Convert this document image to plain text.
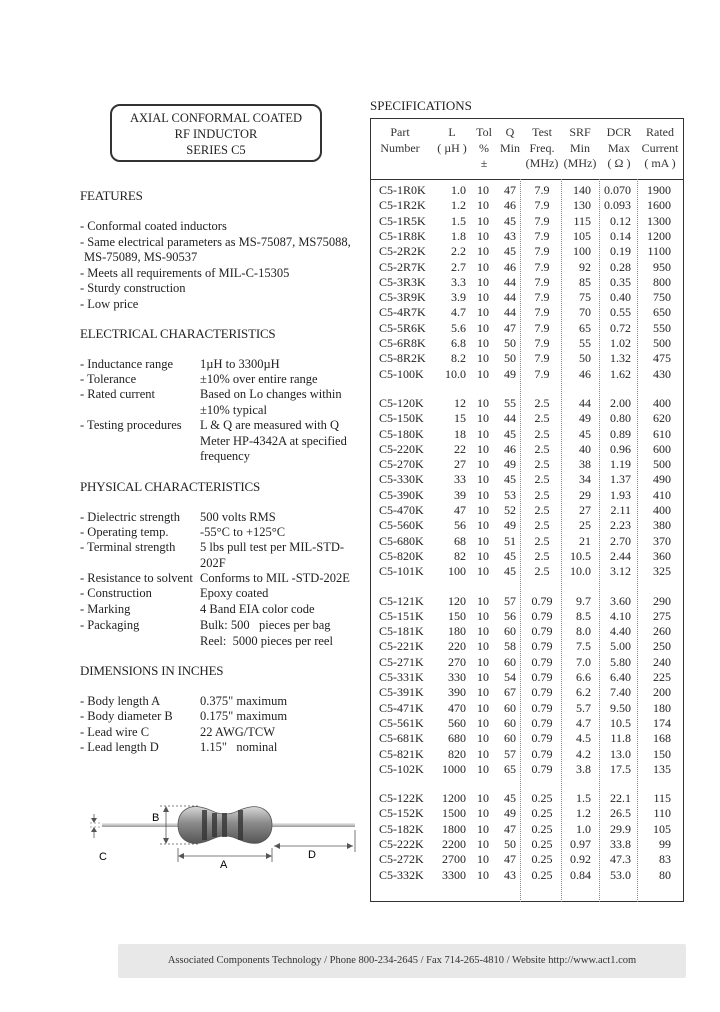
AXIAL CONFORMAL COATED
RF INDUCTOR
SERIES C5
FEATURES
- Conformal coated inductors
- Same electrical parameters as MS-75087, MS75088,
MS-75089, MS-90537
- Meets all requirements of MIL-C-15305
- Sturdy construction
- Low price
ELECTRICAL CHARACTERISTICS
- Inductance range 1µH to 3300µH
- Tolerance	±10% over entire range
- Rated current	Based on Lo changes within
±10% typical
- Testing procedures L & Q are measured with Q
Meter HP-4342A at specified
frequency
PHYSICAL CHARACTERISTICS
- Dielectric strength 500 volts RMS
- Operating temp.	-55°C to +125°C
- Terminal strength 5 lbs pull test per MIL-STD-
202F
- Resistance to solvent Conforms to MIL -STD-202E
- Construction	Epoxy coated
- Marking	4 Band EIA color code
- Packaging	Bulk: 500   pieces per bag
Reel:  5000 pieces per reel
DIMENSIONS IN INCHES
- Body length A	0.375" maximum
- Body diameter B 0.175" maximum
- Lead wire C	22 AWG/TCW
- Lead length D	1.15"   nominal
B
C
A
D
SPECIFICATIONS
Part
Number
L
( µH )
Tol
%
±
Q
Min
Test
Freq.
(MHz)
SRF
Min
(MHz)
DCR
Max
( Ω )
Rated
Current
( mA )
C5-1R0K	1.0 10	47	7.9	140	0.070	1900
C5-1R2K	1.2 10	46	7.9	130	0.093	1600
C5-1R5K	1.5 10	45	7.9	115	0.12	1300
C5-1R8K	1.8 10	43	7.9	105	0.14	1200
C5-2R2K	2.2 10	45	7.9	100	0.19	1100
C5-2R7K	2.7 10	46	7.9	92	0.28	950
C5-3R3K	3.3 10	44	7.9	85	0.35	800
C5-3R9K	3.9 10	44	7.9	75	0.40	750
C5-4R7K	4.7 10	44	7.9	70	0.55	650
C5-5R6K	5.6 10	47	7.9	65	0.72	550
C5-6R8K	6.8 10	50	7.9	55	1.02	500
C5-8R2K	8.2 10	50	7.9	50	1.32	475
C5-100K	10.0 10	49	7.9	46	1.62	430
C5-120K	12 10	55	2.5	44	2.00	400
C5-150K	15 10	44	2.5	49	0.80	620
C5-180K	18 10	45	2.5	45	0.89	610
C5-220K	22 10	46	2.5	40	0.96	600
C5-270K	27 10	49	2.5	38	1.19	500
C5-330K	33 10	45	2.5	34	1.37	490
C5-390K	39 10	53	2.5	29	1.93	410
C5-470K	47 10	52	2.5	27	2.11	400
C5-560K	56 10	49	2.5	25	2.23	380
C5-680K	68 10	51	2.5	21	2.70	370
C5-820K	82 10	45	2.5	10.5	2.44	360
C5-101K	100 10	45	2.5	10.0	3.12	325
C5-121K	120 10	57	0.79	9.7	3.60	290
C5-151K	150 10	56	0.79	8.5	4.10	275
C5-181K	180 10	60	0.79	8.0	4.40	260
C5-221K	220 10	58	0.79	7.5	5.00	250
C5-271K	270 10	60	0.79	7.0	5.80	240
C5-331K	330 10	54	0.79	6.6	6.40	225
C5-391K	390 10	67	0.79	6.2	7.40	200
C5-471K	470 10	60	0.79	5.7	9.50	180
C5-561K	560 10	60	0.79	4.7	10.5	174
C5-681K	680 10	60	0.79	4.5	11.8	168
C5-821K	820 10	57	0.79	4.2	13.0	150
C5-102K	1000 10	65	0.79	3.8	17.5	135
C5-122K	1200 10	45	0.25	1.5	22.1	115
C5-152K	1500 10	49	0.25	1.2	26.5	110
C5-182K	1800 10	47	0.25	1.0	29.9	105
C5-222K	2200 10	50	0.25	0.97	33.8	99
C5-272K	2700 10	47	0.25	0.92	47.3	83
C5-332K	3300 10	43	0.25	0.84	53.0	80
Associated Components Technology / Phone 800-234-2645 / Fax 714-265-4810 / Website http://www.act1.com
